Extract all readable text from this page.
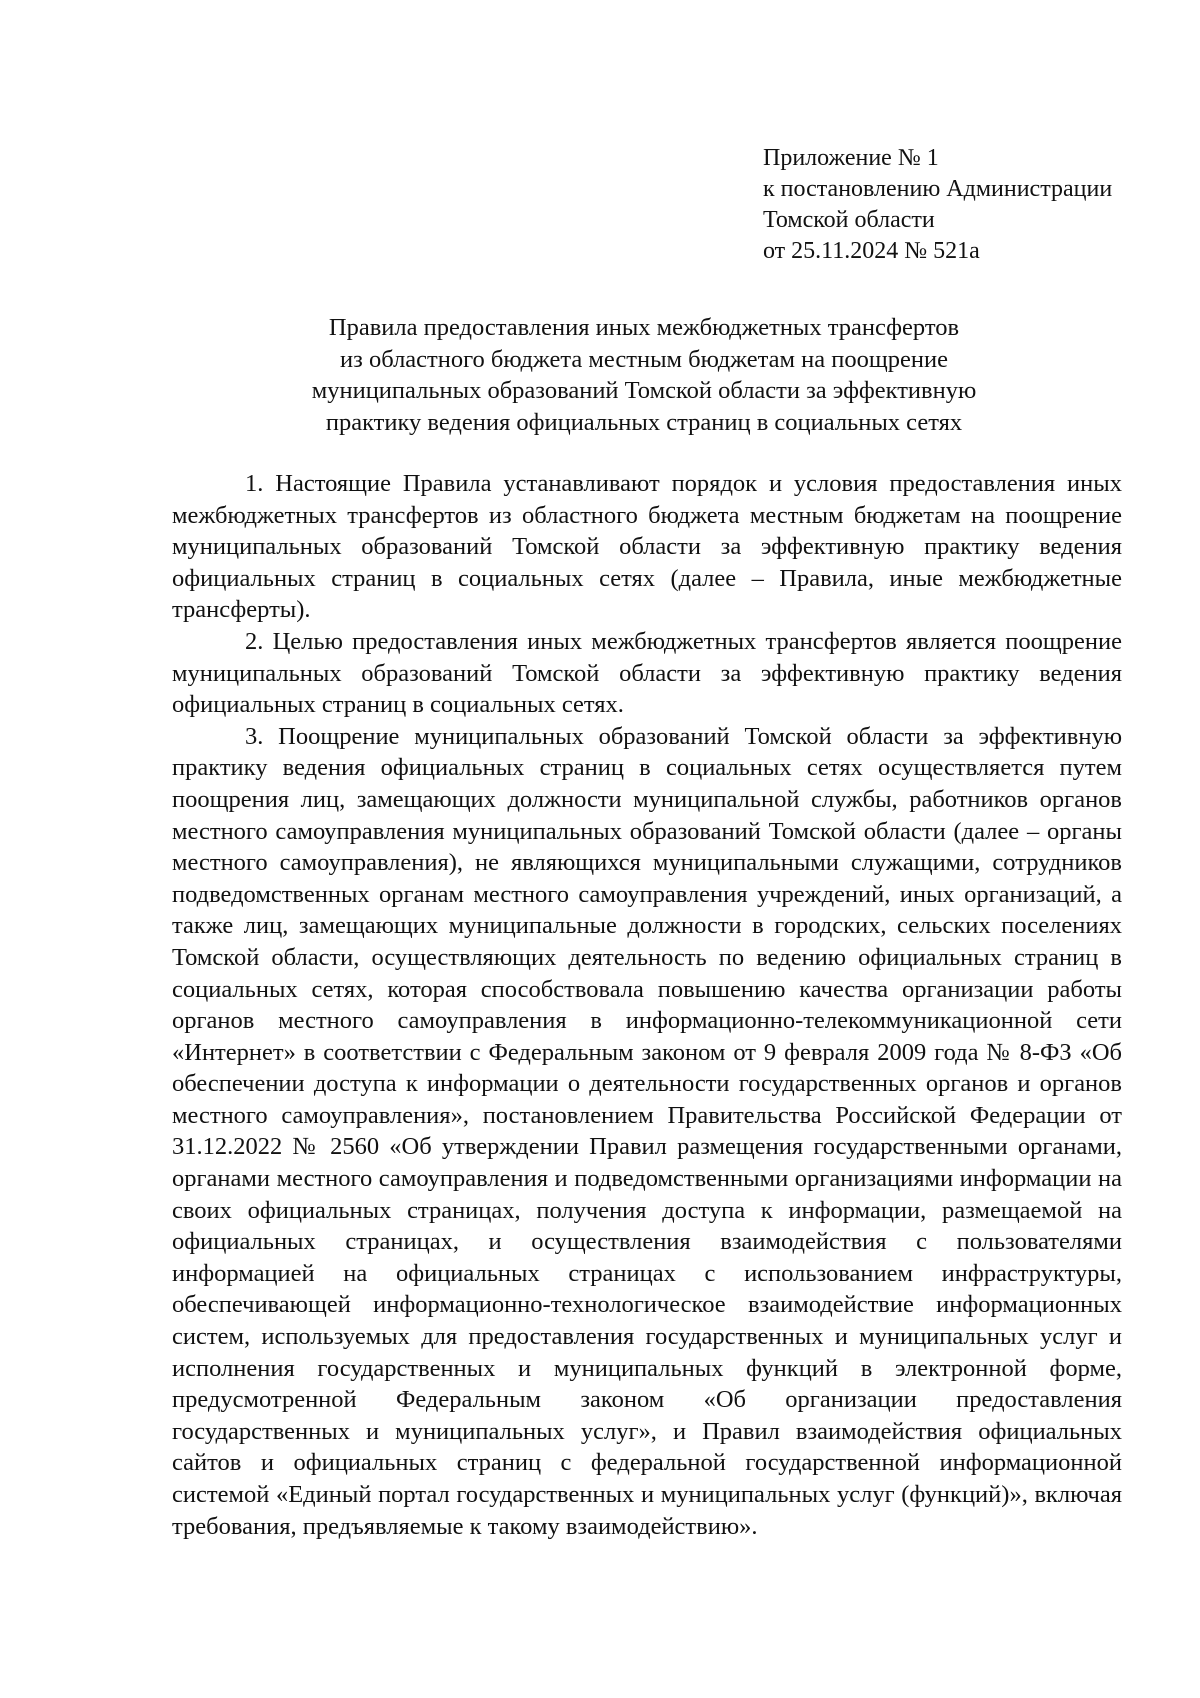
Приложение № 1
к постановлению Администрации
Томской области
от 25.11.2024 № 521а
Правила предоставления иных межбюджетных трансфертов
из областного бюджета местным бюджетам на поощрение
муниципальных образований Томской области за эффективную
практику ведения официальных страниц в социальных сетях

1. Настоящие Правила устанавливают порядок и условия предоставления иных межбюджетных трансфертов из областного бюджета местным бюджетам на поощрение муниципальных образований Томской области за эффективную практику ведения официальных страниц в социальных сетях (далее – Правила, иные межбюджетные трансферты).

2. Целью предоставления иных межбюджетных трансфертов является поощрение муниципальных образований Томской области за эффективную практику ведения официальных страниц в социальных сетях.

3. Поощрение муниципальных образований Томской области за эффективную практику ведения официальных страниц в социальных сетях осуществляется путем поощрения лиц, замещающих должности муниципальной службы, работников органов местного самоуправления муниципальных образований Томской области (далее – органы местного самоуправления), не являющихся муниципальными служащими, сотрудников подведомственных органам местного самоуправления учреждений, иных организаций, а также лиц, замещающих муниципальные должности в городских, сельских поселениях Томской области, осуществляющих деятельность по ведению официальных страниц в социальных сетях, которая способствовала повышению качества организации работы органов местного самоуправления в информационно-телекоммуникационной сети «Интернет» в соответствии с Федеральным законом от 9 февраля 2009 года № 8-ФЗ «Об обеспечении доступа к информации о деятельности государственных органов и органов местного самоуправления», постановлением Правительства Российской Федерации от 31.12.2022 № 2560 «Об утверждении Правил размещения государственными органами, органами местного самоуправления и подведомственными организациями информации на своих официальных страницах, получения доступа к информации, размещаемой на официальных страницах, и осуществления взаимодействия с пользователями информацией на официальных страницах с использованием инфраструктуры, обеспечивающей информационно-технологическое взаимодействие информационных систем, используемых для предоставления государственных и муниципальных услуг и исполнения государственных и муниципальных функций в электронной форме, предусмотренной Федеральным законом «Об организации предоставления государственных и муниципальных услуг», и Правил взаимодействия официальных сайтов и официальных страниц с федеральной государственной информационной системой «Единый портал государственных и муниципальных услуг (функций)», включая требования, предъявляемые к такому взаимодействию».
